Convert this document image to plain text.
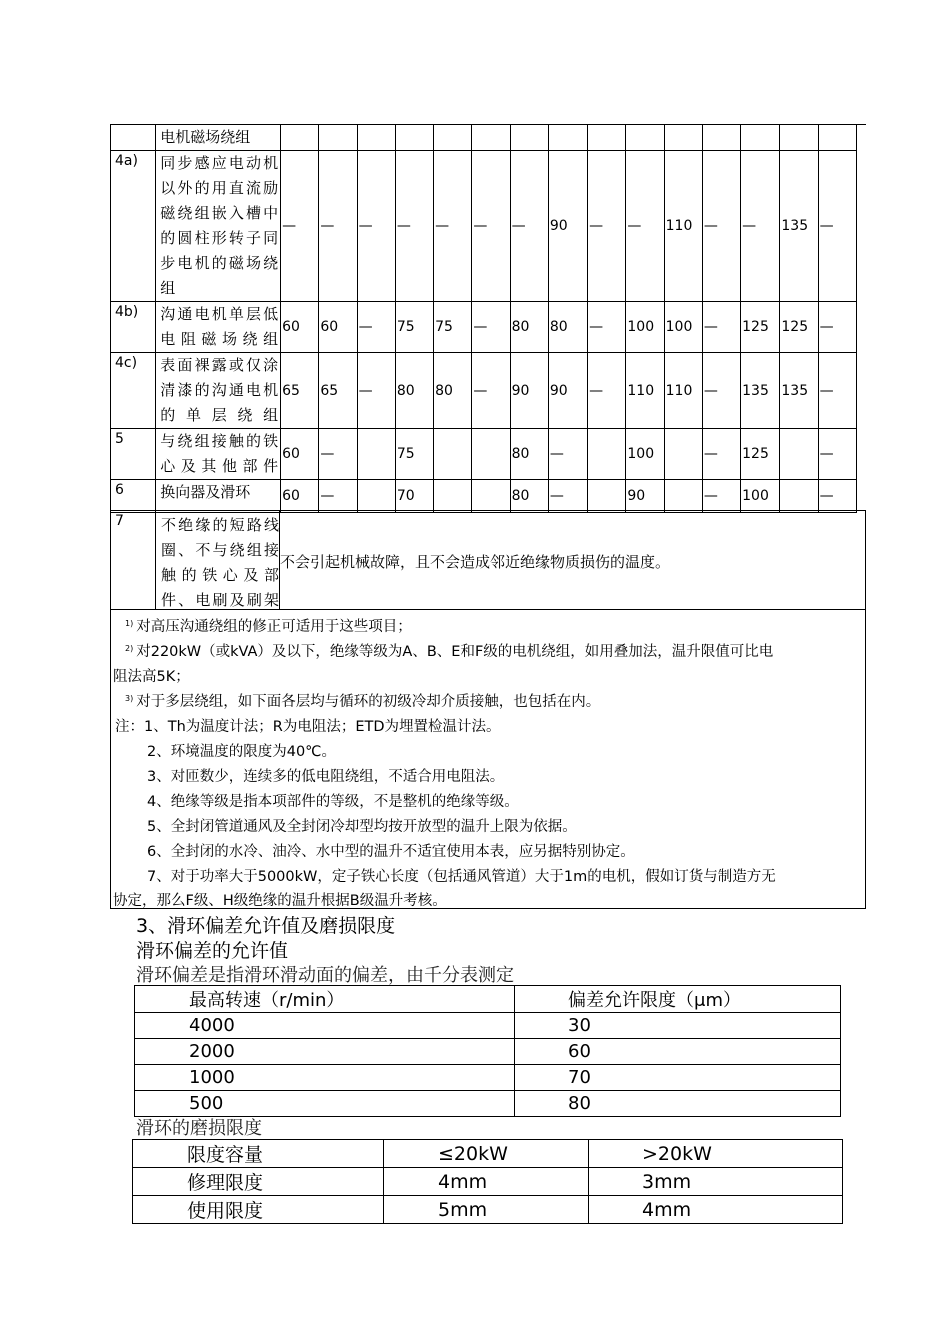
	电机磁场绕组															
4a)	同步感应电动机以外的用直流励磁绕组嵌入槽中的圆柱形转子同步电机的磁场绕组	—	—	—	—	—	—	—	90	—	—	110	—	—	135	—
4b)	沟通电机单层低电阻磁场绕组	60	60	—	75	75	—	80	80	—	100	100	—	125	125	—
4c)	表面裸露或仅涂清漆的沟通电机的单层绕组	65	65	—	80	80	—	90	90	—	110	110	—	135	135	—
5	与绕组接触的铁心及其他部件	60	—		75			80	—		100		—	125		—
6	换向器及滑环	60	—		70			80	—		90		—	100		—
7 不绝缘的短路线圈、不与绕组接触的铁心及部件、电刷及刷架
不会引起机械故障，且不会造成邻近绝缘物质损伤的温度。
$^{1)}$ 对高压沟通绕组的修正可适用于这些项目；
$^{2)}$ 对220kW（或kVA）及以下，绝缘等级为A、B、E和F级的电机绕组，如用叠加法，温升限值可比电
阻法高5K；
$^{3)}$ 对于多层绕组，如下面各层均与循环的初级冷却介质接触，也包括在内。
注：1、Th为温度计法；R为电阻法；ETD为埋置检温计法。
2、环境温度的限度为40℃。
3、对匝数少，连续多的低电阻绕组，不适合用电阻法。
4、绝缘等级是指本项部件的等级，不是整机的绝缘等级。
5、全封闭管道通风及全封闭冷却型均按开放型的温升上限为依据。
6、全封闭的水冷、油冷、水中型的温升不适宜使用本表，应另据特别协定。
7、对于功率大于5000kW，定子铁心长度（包括通风管道）大于1m的电机，假如订货与制造方无
协定，那么F级、H级绝缘的温升根据B级温升考核。
3、滑环偏差允许值及磨损限度
滑环偏差的允许值
滑环偏差是指滑环滑动面的偏差，由千分表测定
最高转速（r/min）	偏差允许限度（μm）
4000	30
2000	60
1000	70
500	80
滑环的磨损限度
限度容量	≤20kW	>20kW
修理限度	4mm	3mm
使用限度	5mm	4mm
